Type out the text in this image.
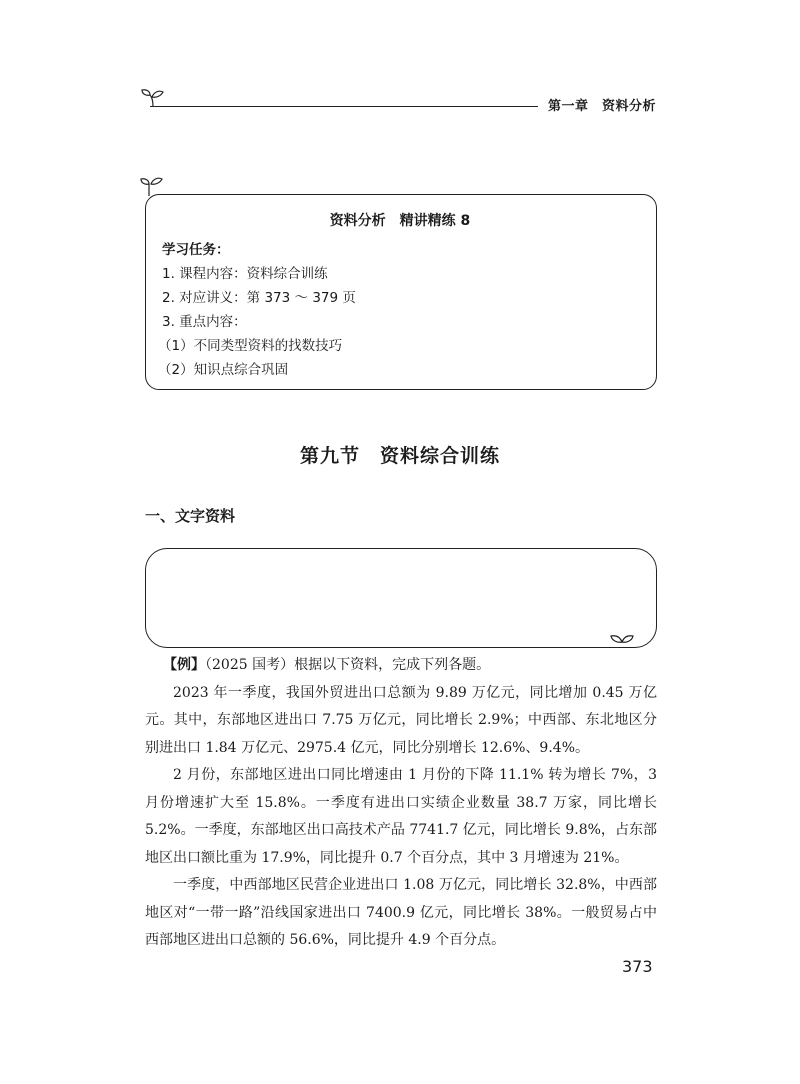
第一章　资料分析
资料分析　精讲精练 8
学习任务：
1. 课程内容：资料综合训练
2. 对应讲义：第 373 ～ 379 页
3. 重点内容：
（1）不同类型资料的找数技巧
（2）知识点综合巩固
第九节　资料综合训练
一、文字资料

【例】（2025 国考）根据以下资料，完成下列各题。

2023 年一季度，我国外贸进出口总额为 9.89 万亿元，同比增加 0.45 万亿元。其中，东部地区进出口 7.75 万亿元，同比增长 2.9%；中西部、东北地区分别进出口 1.84 万亿元、2975.4 亿元，同比分别增长 12.6%、9.4%。

2 月份，东部地区进出口同比增速由 1 月份的下降 11.1% 转为增长 7%，3 月份增速扩大至 15.8%。一季度有进出口实绩企业数量 38.7 万家，同比增长 5.2%。一季度，东部地区出口高技术产品 7741.7 亿元，同比增长 9.8%，占东部地区出口额比重为 17.9%，同比提升 0.7 个百分点，其中 3 月增速为 21%。

一季度，中西部地区民营企业进出口 1.08 万亿元，同比增长 32.8%，中西部地区对“一带一路”沿线国家进出口 7400.9 亿元，同比增长 38%。一般贸易占中西部地区进出口总额的 56.6%，同比提升 4.9 个百分点。

373
